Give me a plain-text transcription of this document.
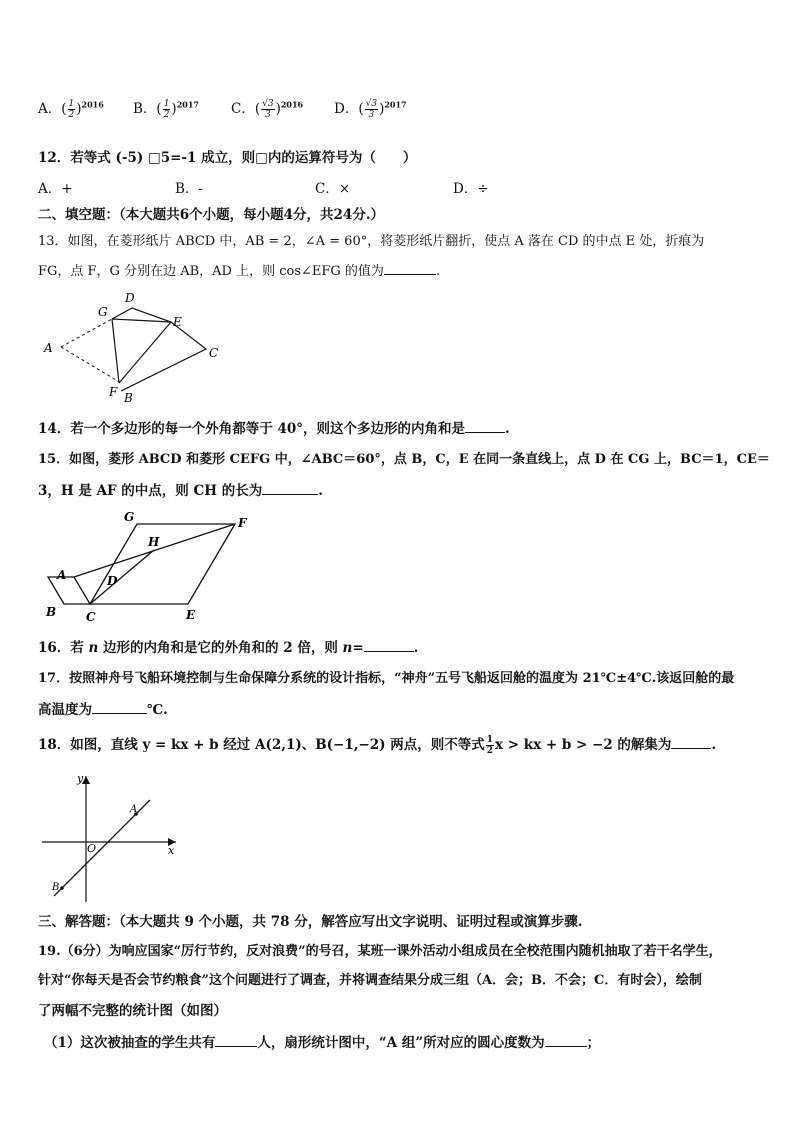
A．( $\frac{1}{2} )^{2016}$ B．( $\frac{1}{2} )^{2017}$ C．( $\frac{√3}{3} )^{2016}$ D．( $\frac{√3}{3} )^{2017}$
12．若等式 (-5) □5=-1 成立，则□内的运算符号为（　　）
A．+	B．-	C．×	D．÷
二、填空题：（本大题共6个小题，每小题4分，共24分.）
13．如图，在菱形纸片 ABCD 中，AB = 2，∠A = 60°，将菱形纸片翻折，使点 A 落在 CD 的中点 E 处，折痕为
FG，点 F，G 分别在边 AB，AD 上，则 cos∠EFG 的值为	.
A
D
G
E
C
F B
14．若一个多边形的每一个外角都等于 40°，则这个多边形的内角和是	.
15．如图，菱形 ABCD 和菱形 CEFG 中，∠ABC＝60°，点 B，C，E 在同一条直线上，点 D 在 CG 上，BC＝1，CE＝
3，H 是 AF 的中点，则 CH 的长为	.
A
B C
D
E
F
G
H
16．若 n 边形的内角和是它的外角和的 2 倍，则 n=	.
17．按照神舟号飞船环境控制与生命保障分系统的设计指标，“神舟”五号飞船返回舱的温度为 21℃±4℃.该返回舱的最
高温度为	℃.
18．如图，直线 y = kx + b 经过 A(2,1)、B(−1,−2) 两点，则不等式 $\frac{1}{2}$ x > kx + b > −2 的解集为	.
y
x
O
A
B
三、解答题：（本大题共 9 个小题，共 78 分，解答应写出文字说明、证明过程或演算步骤.
19.（6分）为响应国家“厉行节约，反对浪费”的号召，某班一课外活动小组成员在全校范围内随机抽取了若干名学生，
针对“你每天是否会节约粮食”这个问题进行了调查，并将调查结果分成三组（A．会；B．不会；C．有时会），绘制
了两幅不完整的统计图（如图）
（1）这次被抽查的学生共有	人，扇形统计图中，“A 组”所对应的圆心度数为	；
